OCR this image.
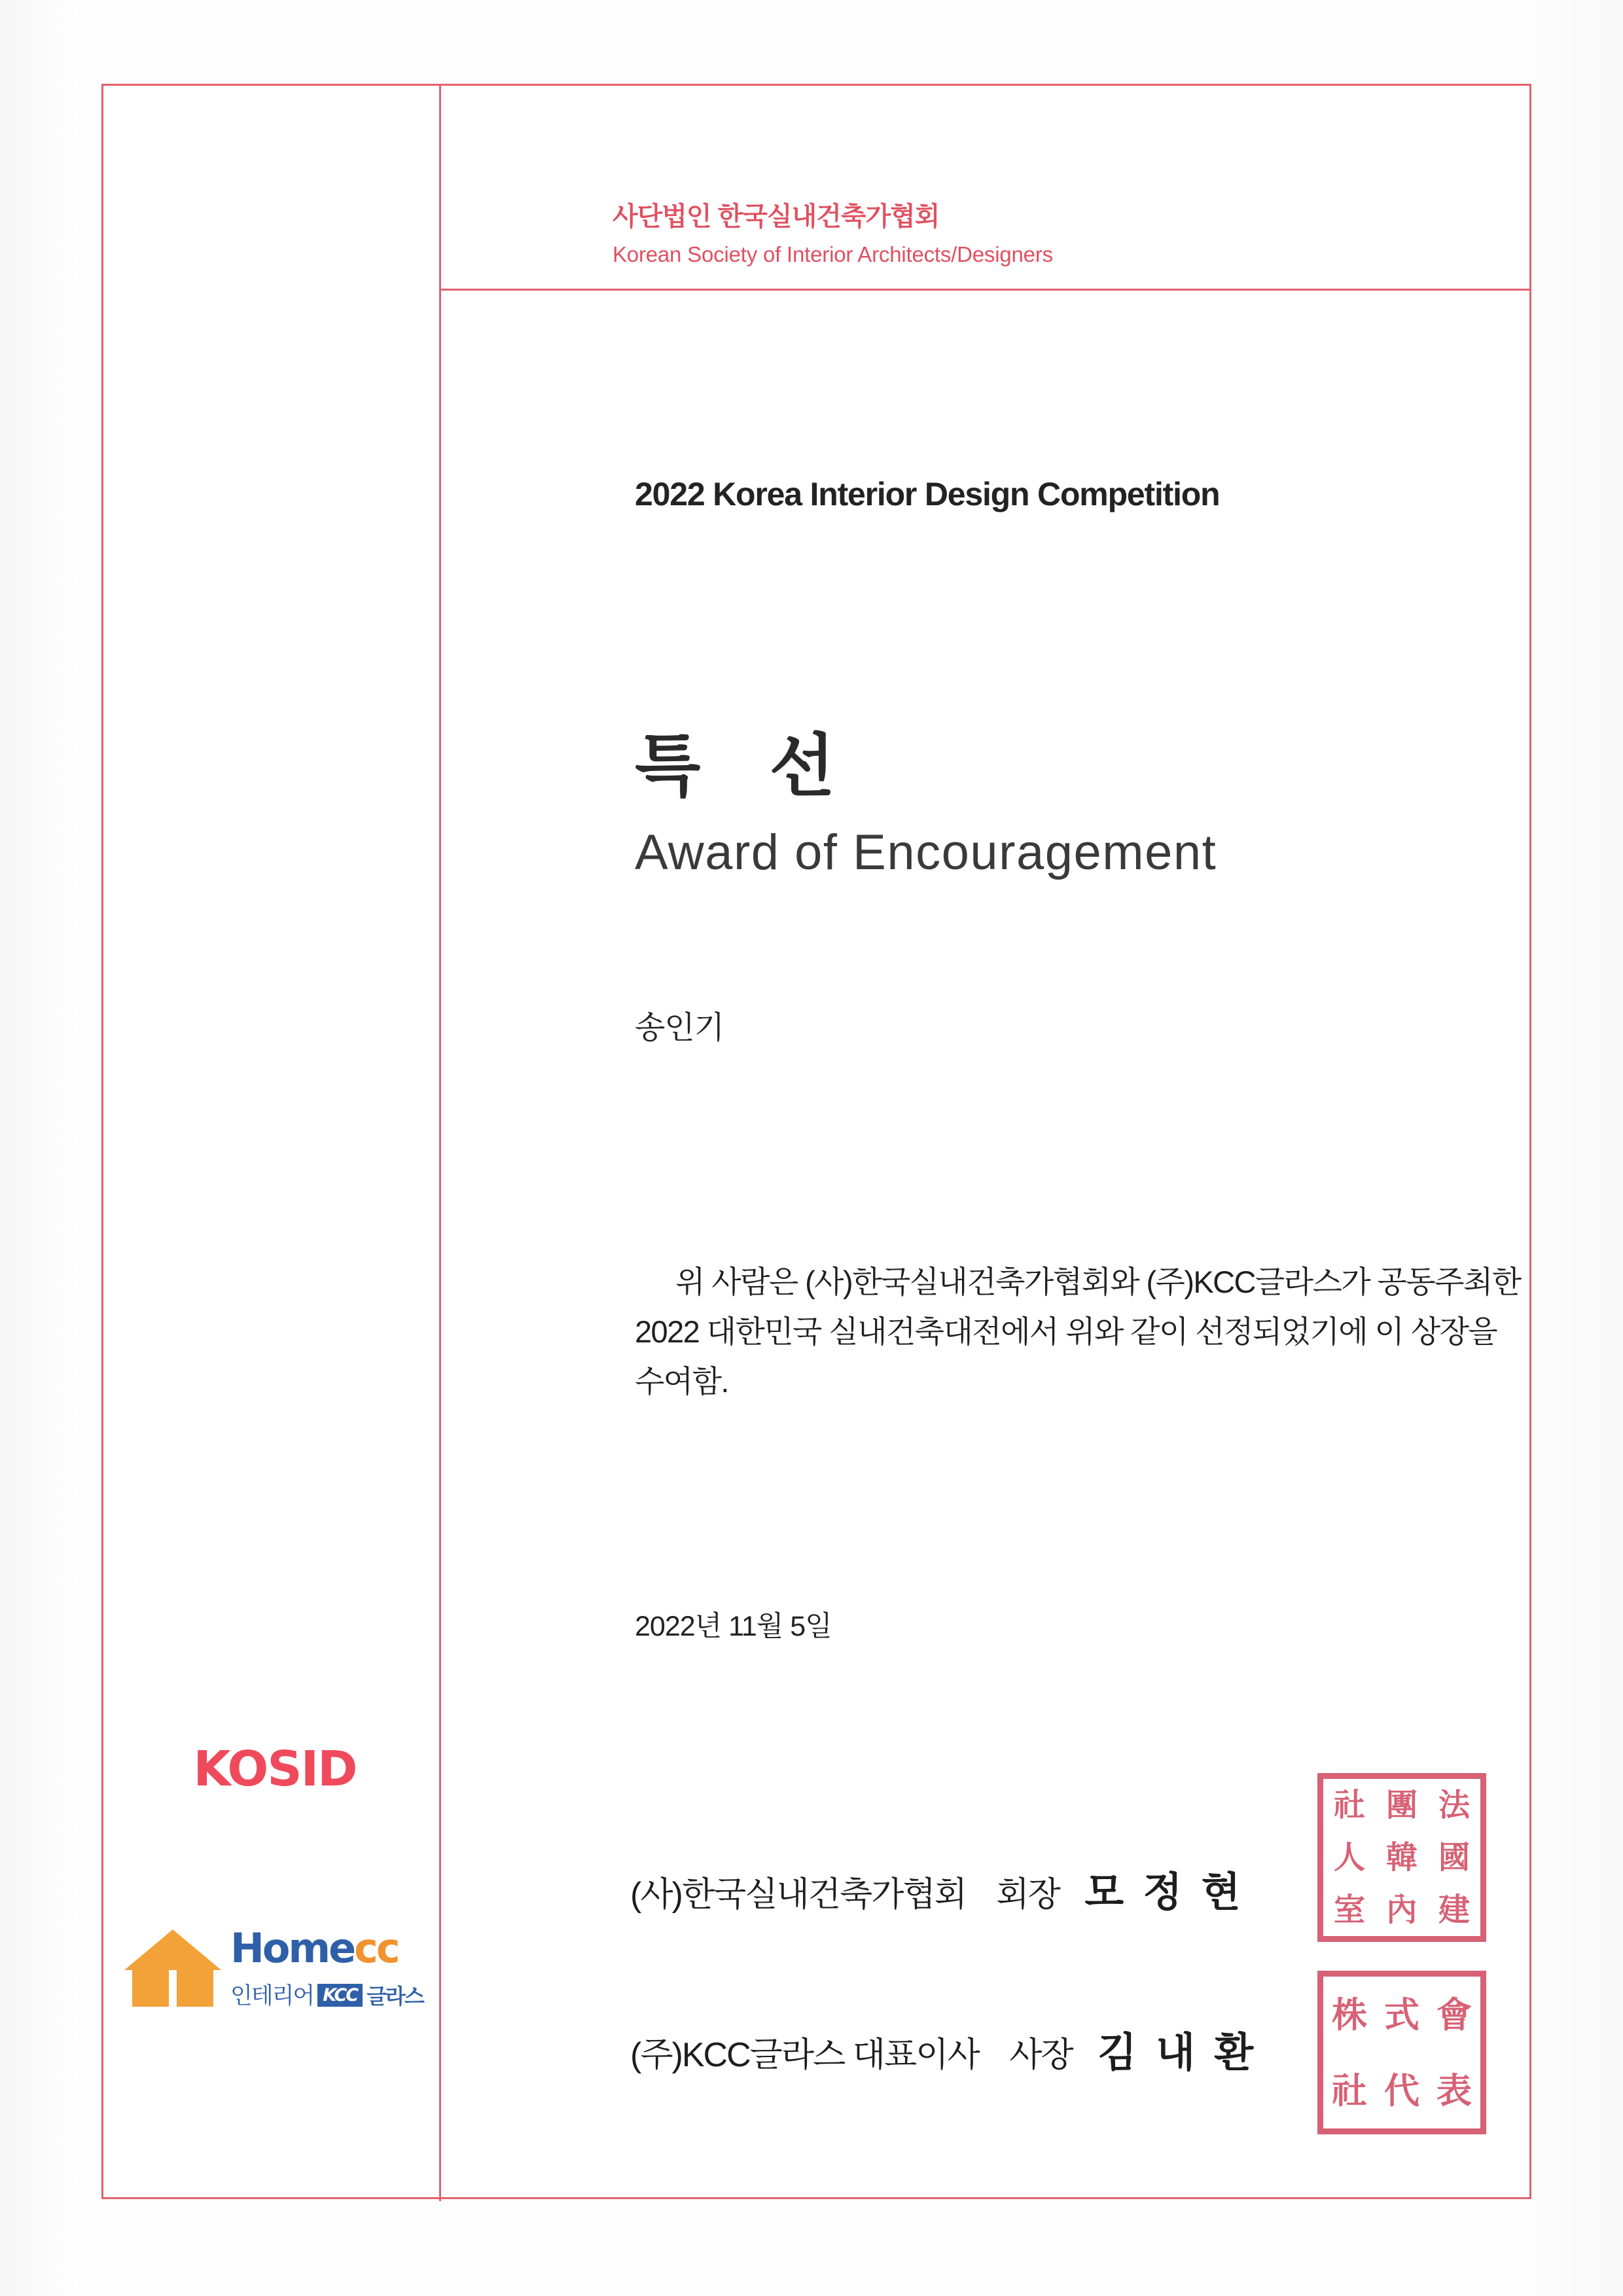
사단법인 한국실내건축가협회
Korean Society of Interior Architects/Designers
2022 Korea Interior Design Competition
특 선
Award of Encouragement
송인기
위 사람은 (사)한국실내건축가협회와 (주)KCC글라스가 공동주최한
2022 대한민국 실내건축대전에서 위와 같이 선정되었기에 이 상장을
수여함.
2022년 11월 5일
(사)한국실내건축가협회 회장 모 정 현
(주)KCC글라스 대표이사 사장 김 내 환
社 團 法
人 韓 國
室 內 建
株 式 會
社 代 表
KOSID
Homecc
인테리어 KCC 글라스
